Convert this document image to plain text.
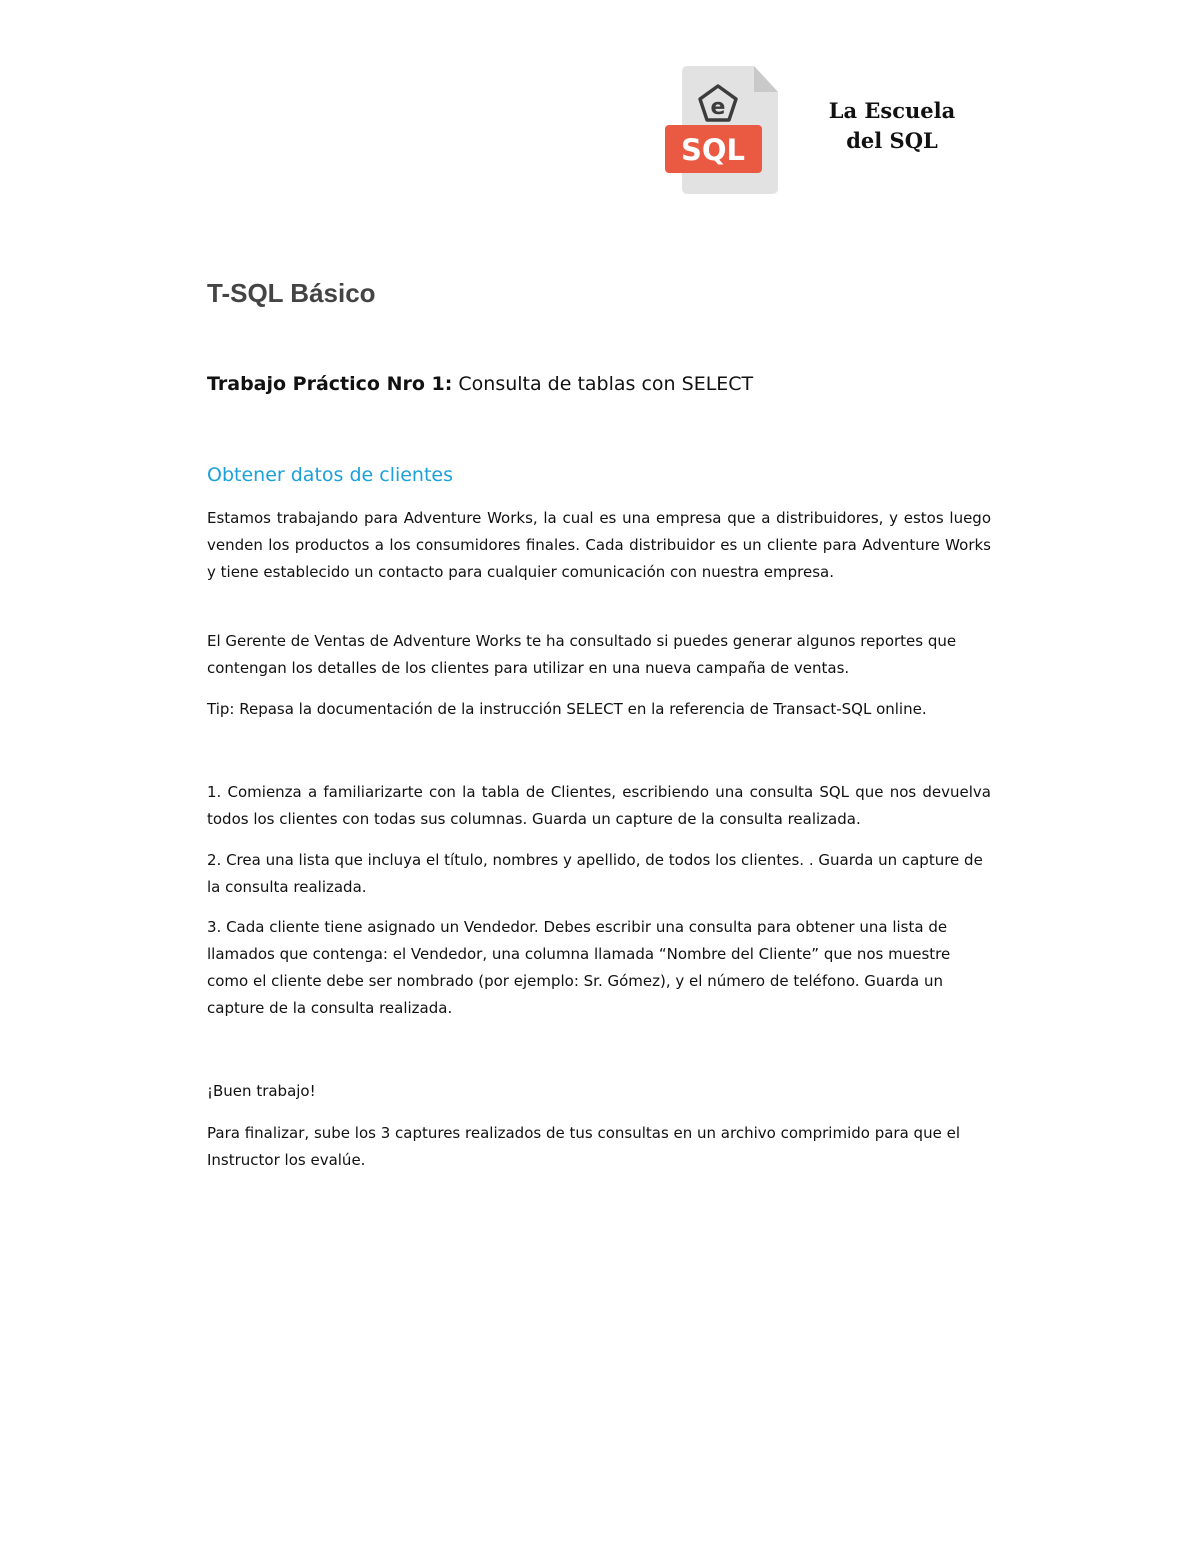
e
SQL
La Escuela
del SQL
T-SQL Básico

Trabajo Práctico Nro 1: Consulta de tablas con SELECT

Obtener datos de clientes

Estamos trabajando para Adventure Works, la cual es una empresa que a distribuidores, y estos luego venden los productos a los consumidores finales. Cada distribuidor es un cliente para Adventure Works y tiene establecido un contacto para cualquier comunicación con nuestra empresa.

El Gerente de Ventas de Adventure Works te ha consultado si puedes generar algunos reportes que contengan los detalles de los clientes para utilizar en una nueva campaña de ventas.

Tip: Repasa la documentación de la instrucción SELECT en la referencia de Transact-SQL online.

1. Comienza a familiarizarte con la tabla de Clientes, escribiendo una consulta SQL que nos devuelva todos los clientes con todas sus columnas. Guarda un capture de la consulta realizada.

2. Crea una lista que incluya el título, nombres y apellido, de todos los clientes. . Guarda un capture de la consulta realizada.

3. Cada cliente tiene asignado un Vendedor. Debes escribir una consulta para obtener una lista de llamados que contenga: el Vendedor, una columna llamada “Nombre del Cliente” que nos muestre como el cliente debe ser nombrado (por ejemplo: Sr. Gómez), y el número de teléfono. Guarda un capture de la consulta realizada.

¡Buen trabajo!

Para finalizar, sube los 3 captures realizados de tus consultas en un archivo comprimido para que el Instructor los evalúe.
